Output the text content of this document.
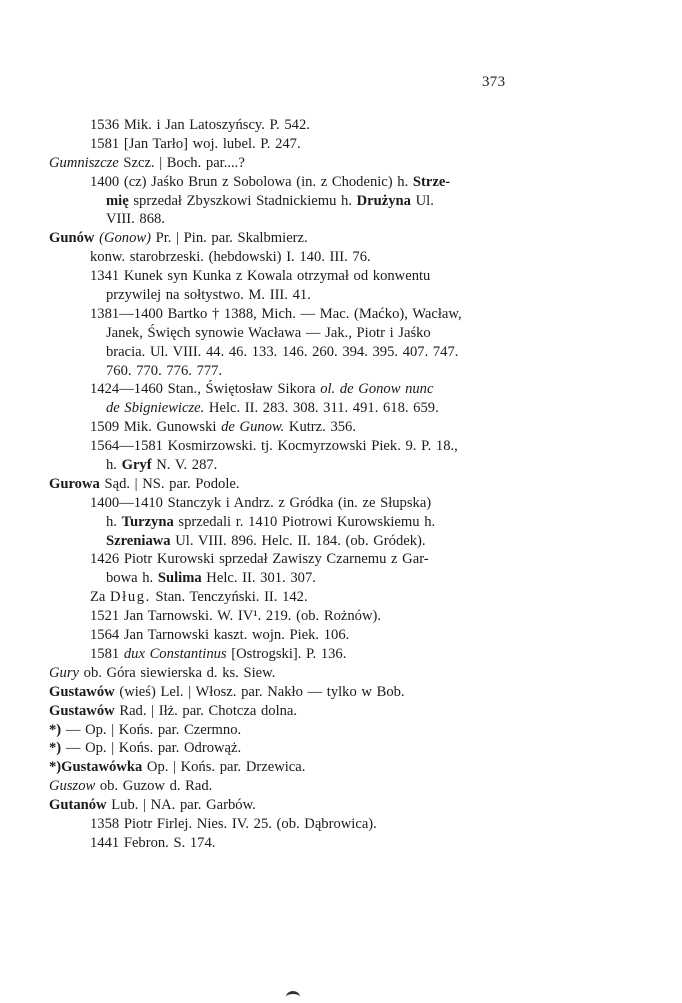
373
1536 Mik. i Jan Latoszyńscy. P. 542.
1581 [Jan Tarło] woj. lubel. P. 247.
Gumniszcze Szcz. | Boch. par....?
1400 (cz) Jaśko Brun z Sobolowa (in. z Chodenic) h. Strze-
mię sprzedał Zbyszkowi Stadnickiemu h. Drużyna Ul.
VIII. 868.
Gunów (Gonow) Pr. | Pin. par. Skalbmierz.
konw. starobrzeski. (hebdowski) I. 140. III. 76.
1341 Kunek syn Kunka z Kowala otrzymał od konwentu
przywilej na sołtystwo. M. III. 41.
1381—1400 Bartko † 1388, Mich. — Mac. (Maćko), Wacław,
Janek, Święch synowie Wacława — Jak., Piotr i Jaśko
bracia. Ul. VIII. 44. 46. 133. 146. 260. 394. 395. 407. 747.
760. 770. 776. 777.
1424—1460 Stan., Świętosław Sikora ol. de Gonow nunc
de Sbigniewicze. Helc. II. 283. 308. 311. 491. 618. 659.
1509 Mik. Gunowski de Gunow. Kutrz. 356.
1564—1581 Kosmirzowski. tj. Kocmyrzowski Piek. 9. P. 18.,
h. Gryf N. V. 287.
Gurowa Sąd. | NS. par. Podole.
1400—1410 Stanczyk i Andrz. z Gródka (in. ze Słupska)
h. Turzyna sprzedali r. 1410 Piotrowi Kurowskiemu h.
Szreniawa Ul. VIII. 896. Helc. II. 184. (ob. Gródek).
1426 Piotr Kurowski sprzedał Zawiszy Czarnemu z Gar-
bowa h. Sulima Helc. II. 301. 307.
Za Dług. Stan. Tenczyński. II. 142.
1521 Jan Tarnowski. W. IV¹. 219. (ob. Rożnów).
1564 Jan Tarnowski kaszt. wojn. Piek. 106.
1581 dux Constantinus [Ostrogski]. P. 136.
Gury ob. Góra siewierska d. ks. Siew.
Gustawów (wieś) Lel. | Włosz. par. Nakło — tylko w Bob.
Gustawów Rad. | Iłż. par. Chotcza dolna.
*) — Op. | Końs. par. Czermno.
*) — Op. | Końs. par. Odrowąż.
*)Gustawówka Op. | Końs. par. Drzewica.
Guszow ob. Guzow d. Rad.
Gutanów Lub. | NA. par. Garbów.
1358 Piotr Firlej. Nies. IV. 25. (ob. Dąbrowica).
1441 Febron. S. 174.
